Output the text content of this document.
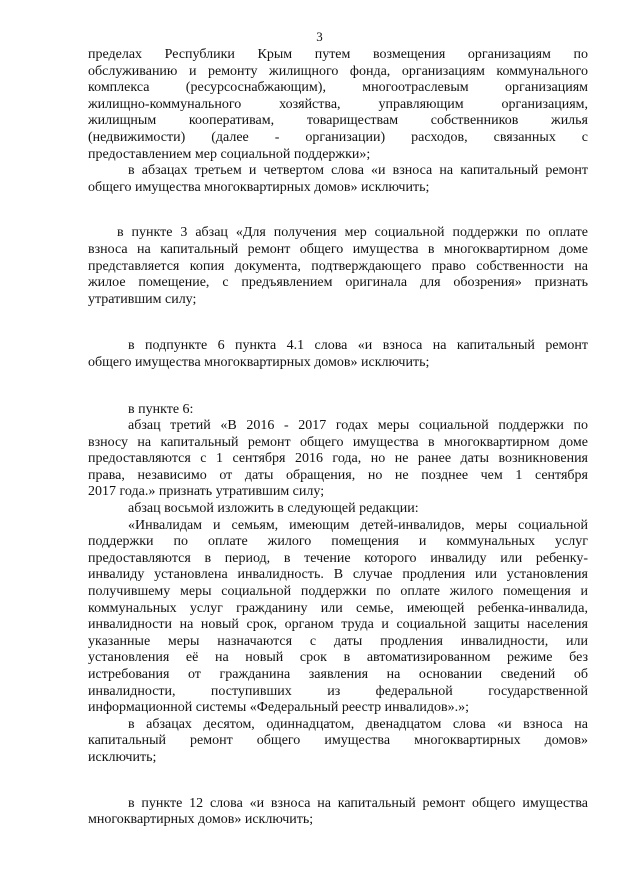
3

пределах Республики Крым путем возмещения организациям по
обслуживанию и ремонту жилищного фонда, организациям коммунального
комплекса (ресурсоснабжающим), многоотраслевым организациям
жилищно-коммунального хозяйства, управляющим организациям,
жилищным кооперативам, товариществам собственников жилья
(недвижимости) (далее - организации) расходов, связанных с
предоставлением мер социальной поддержки»;

в абзацах третьем и четвертом слова «и взноса на капитальный ремонт
общего имущества многоквартирных домов» исключить;

в пункте 3 абзац «Для получения мер социальной поддержки по оплате
взноса на капитальный ремонт общего имущества в многоквартирном доме
представляется копия документа, подтверждающего право собственности на
жилое помещение, с предъявлением оригинала для обозрения» признать
утратившим силу;

в подпункте 6 пункта 4.1 слова «и взноса на капитальный ремонт
общего имущества многоквартирных домов» исключить;

в пункте 6:

абзац третий «В 2016 - 2017 годах меры социальной поддержки по
взносу на капитальный ремонт общего имущества в многоквартирном доме
предоставляются с 1 сентября 2016 года, но не ранее даты возникновения
права, независимо от даты обращения, но не позднее чем 1 сентября
2017 года.» признать утратившим силу;

абзац восьмой изложить в следующей редакции:

«Инвалидам и семьям, имеющим детей-инвалидов, меры социальной
поддержки по оплате жилого помещения и коммунальных услуг
предоставляются в период, в течение которого инвалиду или ребенку-
инвалиду установлена инвалидность. В случае продления или установления
получившему меры социальной поддержки по оплате жилого помещения и
коммунальных услуг гражданину или семье, имеющей ребенка-инвалида,
инвалидности на новый срок, органом труда и социальной защиты населения
указанные меры назначаются с даты продления инвалидности, или
установления её на новый срок в автоматизированном режиме без
истребования от гражданина заявления на основании сведений об
инвалидности, поступивших из федеральной государственной
информационной системы «Федеральный реестр инвалидов».»;

в абзацах десятом, одиннадцатом, двенадцатом слова «и взноса на
капитальный ремонт общего имущества многоквартирных домов»
исключить;

в пункте 12 слова «и взноса на капитальный ремонт общего имущества
многоквартирных домов» исключить;
